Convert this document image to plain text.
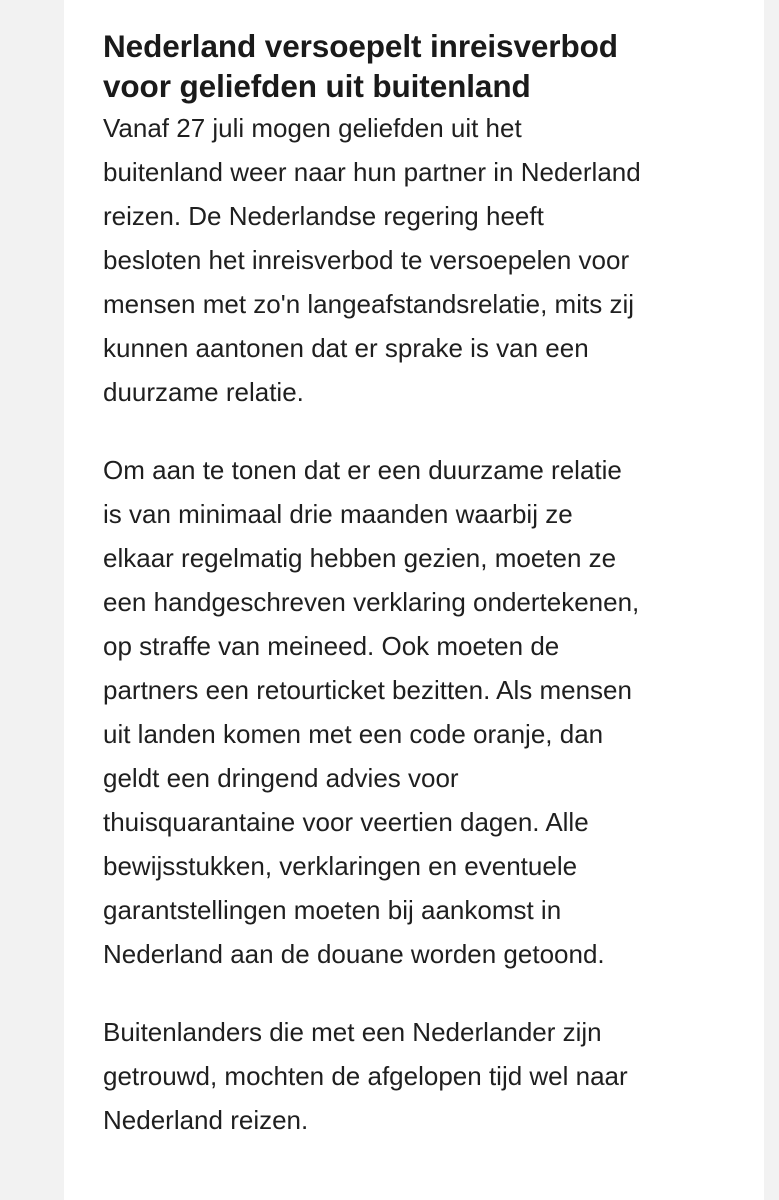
Nederland versoepelt inreisverbod
voor geliefden uit buitenland

Vanaf 27 juli mogen geliefden uit het
buitenland weer naar hun partner in Nederland
reizen. De Nederlandse regering heeft
besloten het inreisverbod te versoepelen voor
mensen met zo'n langeafstandsrelatie, mits zij
kunnen aantonen dat er sprake is van een
duurzame relatie.

Om aan te tonen dat er een duurzame relatie
is van minimaal drie maanden waarbij ze
elkaar regelmatig hebben gezien, moeten ze
een handgeschreven verklaring ondertekenen,
op straffe van meineed. Ook moeten de
partners een retourticket bezitten. Als mensen
uit landen komen met een code oranje, dan
geldt een dringend advies voor
thuisquarantaine voor veertien dagen. Alle
bewijsstukken, verklaringen en eventuele
garantstellingen moeten bij aankomst in
Nederland aan de douane worden getoond.

Buitenlanders die met een Nederlander zijn
getrouwd, mochten de afgelopen tijd wel naar
Nederland reizen.
